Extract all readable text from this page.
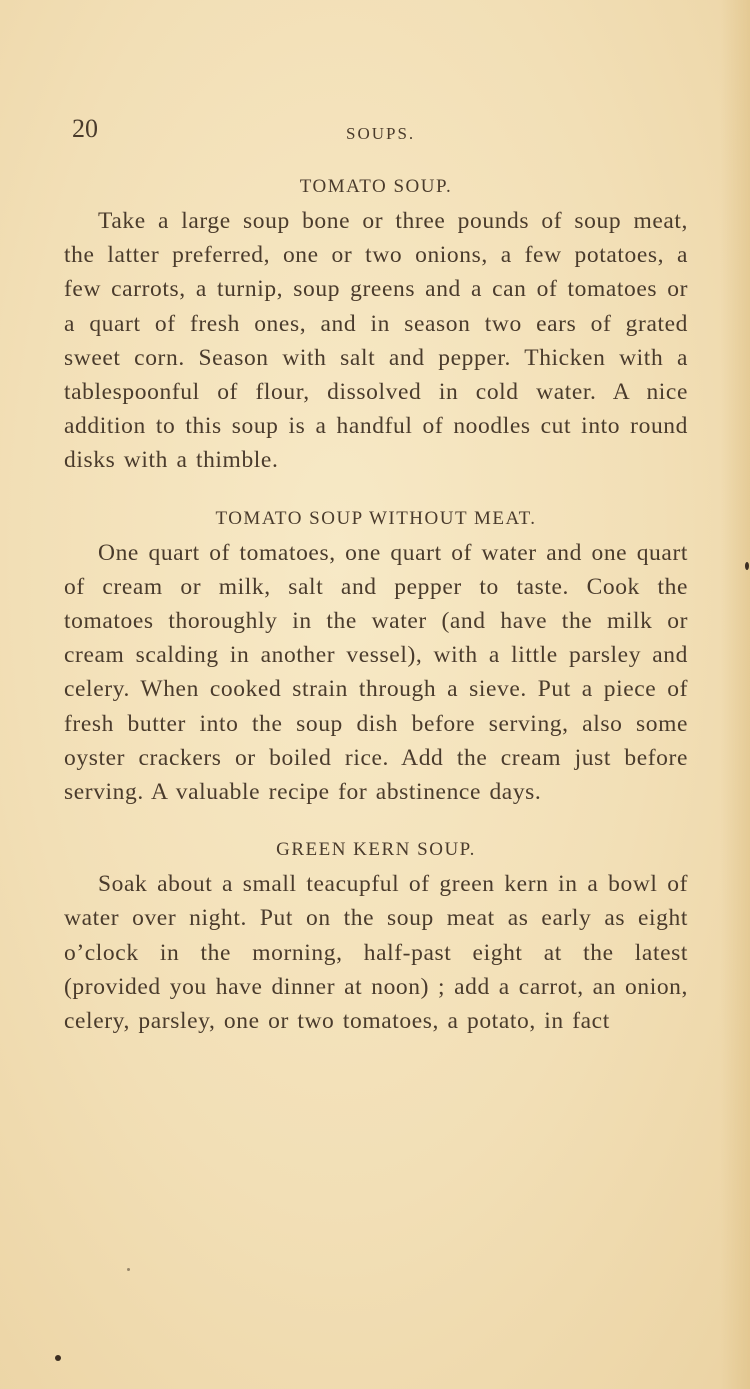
20	SOUPS.
TOMATO SOUP.

Take a large soup bone or three pounds of soup meat, the latter preferred, one or two onions, a few potatoes, a few carrots, a turnip, soup greens and a can of tomatoes or a quart of fresh ones, and in season two ears of grated sweet corn. Season with salt and pepper. Thicken with a tablespoonful of flour, dissolved in cold water. A nice addition to this soup is a handful of noodles cut into round disks with a thimble.

TOMATO SOUP WITHOUT MEAT.

One quart of tomatoes, one quart of water and one quart of cream or milk, salt and pepper to taste. Cook the tomatoes thoroughly in the water (and have the milk or cream scalding in another vessel), with a little parsley and celery. When cooked strain through a sieve. Put a piece of fresh butter into the soup dish before serving, also some oyster crackers or boiled rice. Add the cream just before serving. A valuable recipe for abstinence days.

GREEN KERN SOUP.

Soak about a small teacupful of green kern in a bowl of water over night. Put on the soup meat as early as eight o’clock in the morning, half-past eight at the latest (provided you have dinner at noon) ; add a carrot, an onion, celery, parsley, one or two tomatoes, a potato, in fact
